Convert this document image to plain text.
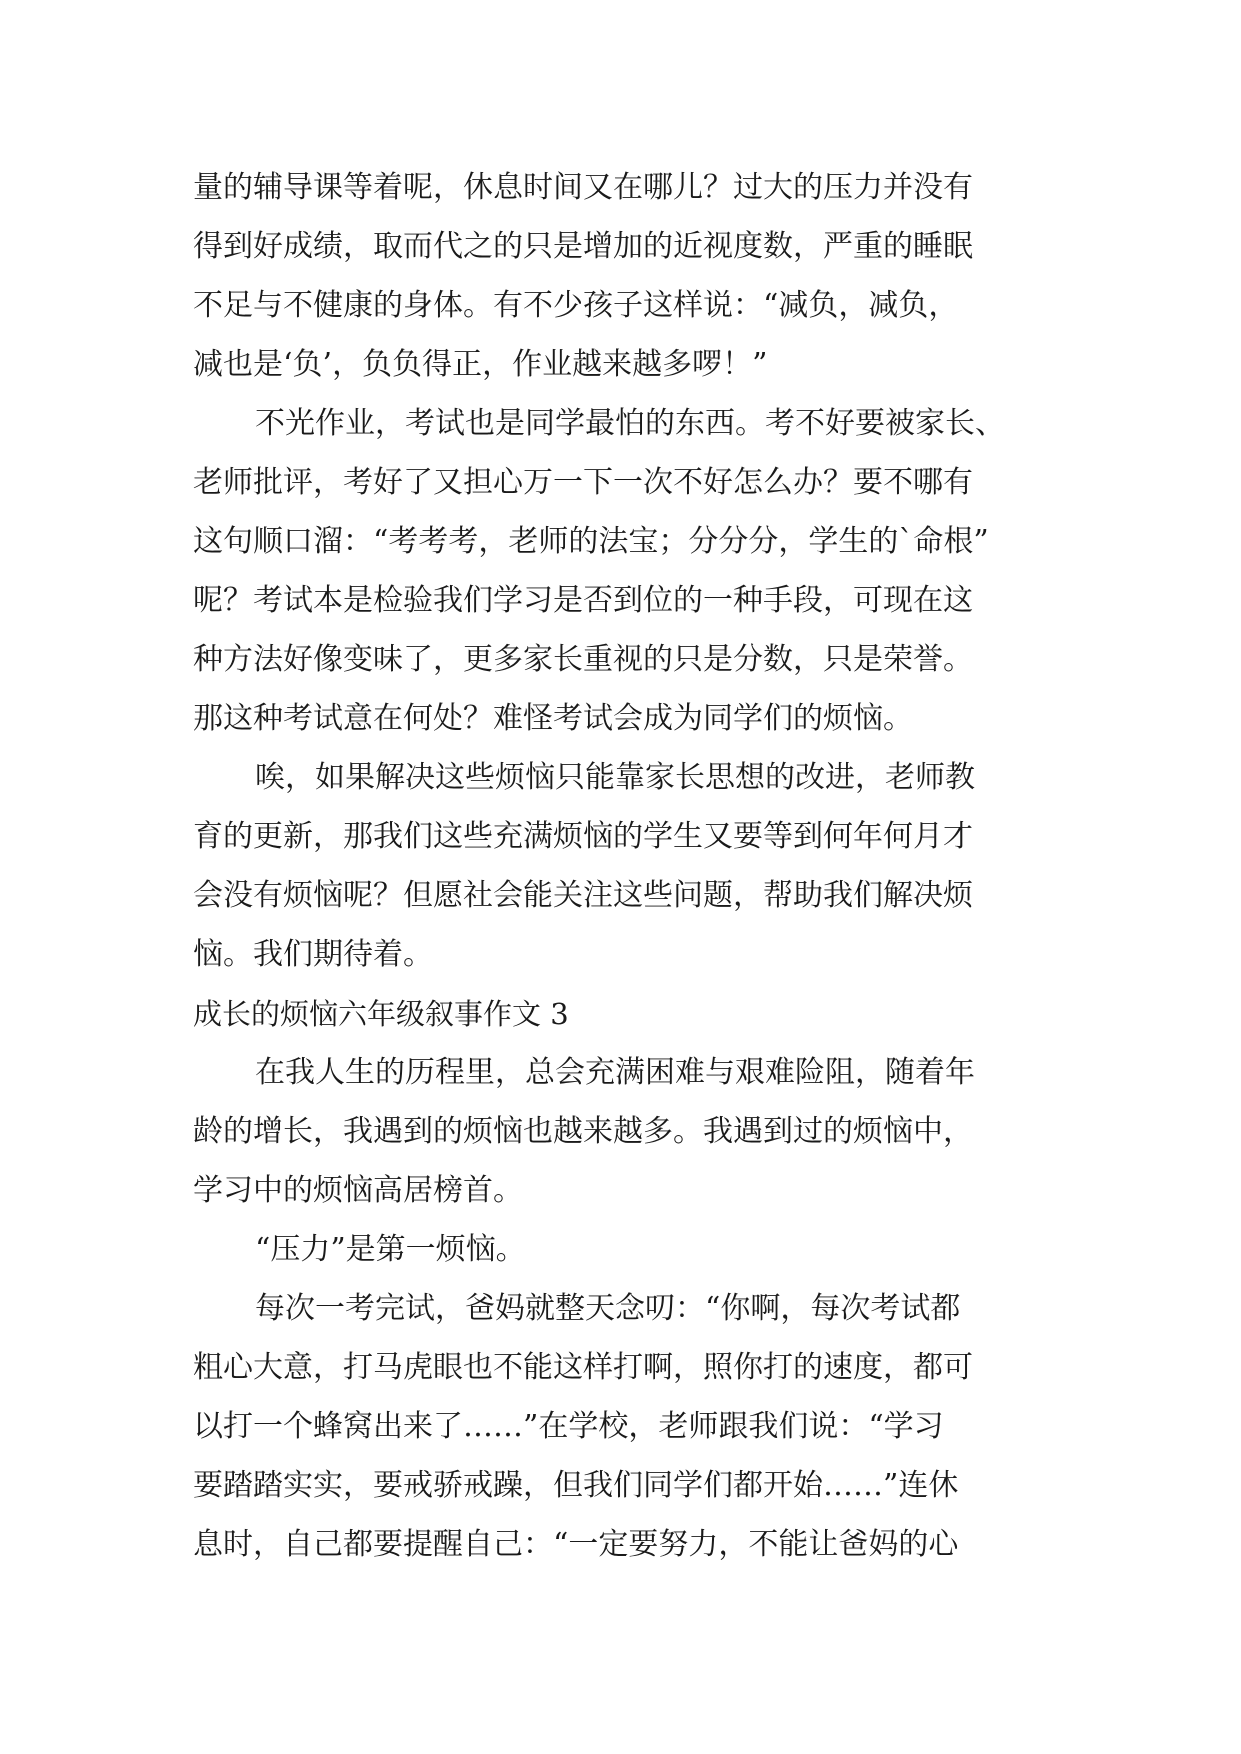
量的辅导课等着呢，休息时间又在哪儿？过大的压力并没有
得到好成绩，取而代之的只是增加的近视度数，严重的睡眠
不足与不健康的身体。有不少孩子这样说：“减负，减负，
减也是‘负’，负负得正，作业越来越多啰！”
不光作业，考试也是同学最怕的东西。考不好要被家长、
老师批评，考好了又担心万一下一次不好怎么办？要不哪有
这句顺口溜：“考考考，老师的法宝；分分分，学生的`命根”
呢？考试本是检验我们学习是否到位的一种手段，可现在这
种方法好像变味了，更多家长重视的只是分数，只是荣誉。
那这种考试意在何处？难怪考试会成为同学们的烦恼。
唉，如果解决这些烦恼只能靠家长思想的改进，老师教
育的更新，那我们这些充满烦恼的学生又要等到何年何月才
会没有烦恼呢？但愿社会能关注这些问题，帮助我们解决烦
恼。我们期待着。
成长的烦恼六年级叙事作文 3
在我人生的历程里，总会充满困难与艰难险阻，随着年
龄的增长，我遇到的烦恼也越来越多。我遇到过的烦恼中，
学习中的烦恼高居榜首。
“压力”是第一烦恼。
每次一考完试，爸妈就整天念叨：“你啊，每次考试都
粗心大意，打马虎眼也不能这样打啊，照你打的速度，都可
以打一个蜂窝出来了……”在学校，老师跟我们说：“学习
要踏踏实实，要戒骄戒躁，但我们同学们都开始……”连休
息时，自己都要提醒自己：“一定要努力，不能让爸妈的心
